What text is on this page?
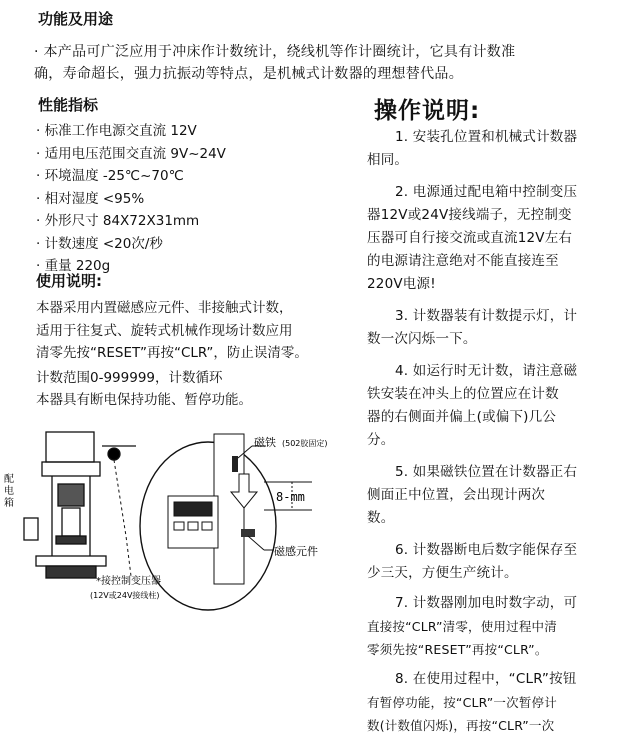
功能及用途
· 本产品可广泛应用于冲床作计数统计，绕线机等作计圈统计，它具有计数准
确，寿命超长，强力抗振动等特点，是机械式计数器的理想替代品。
性能指标
· 标准工作电源交直流 12V
· 适用电压范围交直流 9V~24V
· 环境温度 -25℃~70℃
· 相对湿度 <95%
· 外形尺寸 84X72X31mm
· 计数速度 <20次/秒
· 重量 220g
使用说明:
本器采用内置磁感应元件、非接触式计数，
适用于往复式、旋转式机械作现场计数应用
清零先按“RESET”再按“CLR”，防止误清零。
计数范围0-999999，计数循环
本器具有断电保持功能、暂停功能。
配
电
箱
磁铁 (502胶固定)
8-mm
磁感元件
*接控制变压器
(12V或24V接线柱)
操作说明:
1. 安装孔位置和机械式计数器
相同。
2. 电源通过配电箱中控制变压
器12V或24V接线端子，无控制变
压器可自行接交流或直流12V左右
的电源请注意绝对不能直接连至
220V电源!
3. 计数器装有计数提示灯，计
数一次闪烁一下。
4. 如运行时无计数，请注意磁
铁安装在冲头上的位置应在计数
器的右侧面并偏上(或偏下)几公
分。
5. 如果磁铁位置在计数器正右
侧面正中位置，会出现计两次
数。
6. 计数器断电后数字能保存至
少三天，方便生产统计。
7. 计数器刚加电时数字动，可
直接按“CLR”清零，使用过程中清
零须先按“RESET”再按“CLR”。
8. 在使用过程中，“CLR”按钮
有暂停功能，按“CLR”一次暂停计
数(计数值闪烁)，再按“CLR”一次
